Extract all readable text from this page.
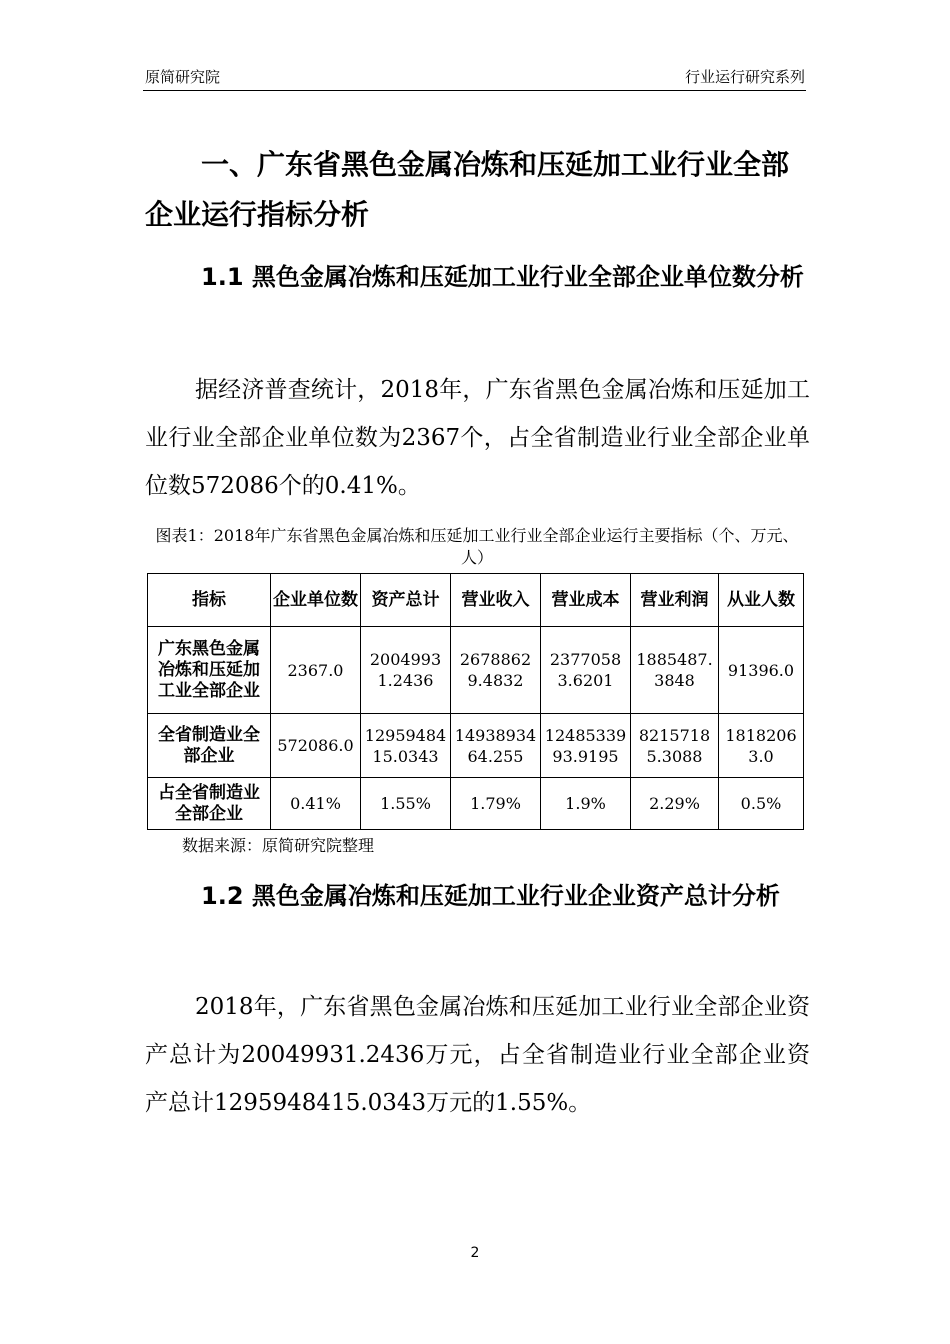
原简研究院	行业运行研究系列
一、广东省黑色金属冶炼和压延加工业行业全部企业运行指标分析
1.1 黑色金属冶炼和压延加工业行业全部企业单位数分析
据经济普查统计，2018年，广东省黑色金属冶炼和压延加工业行业全部企业单位数为2367个，占全省制造业行业全部企业单位数572086个的0.41%。
图表1：2018年广东省黑色金属冶炼和压延加工业行业全部企业运行主要指标（个、万元、人）
指标	企业单位数	资产总计	营业收入	营业成本	营业利润	从业人数
广东黑色金属冶炼和压延加工业全部企业	2367.0	20049931.2436	26788629.4832	23770583.6201	1885487.3848	91396.0
全省制造业全部企业	572086.0	1295948415.0343	1493893464.255	1248533993.9195	82157185.3088	18182063.0
占全省制造业全部企业	0.41%	1.55%	1.79%	1.9%	2.29%	0.5%
数据来源：原简研究院整理
1.2 黑色金属冶炼和压延加工业行业企业资产总计分析
2018年，广东省黑色金属冶炼和压延加工业行业全部企业资产总计为20049931.2436万元，占全省制造业行业全部企业资产总计1295948415.0343万元的1.55%。
2
